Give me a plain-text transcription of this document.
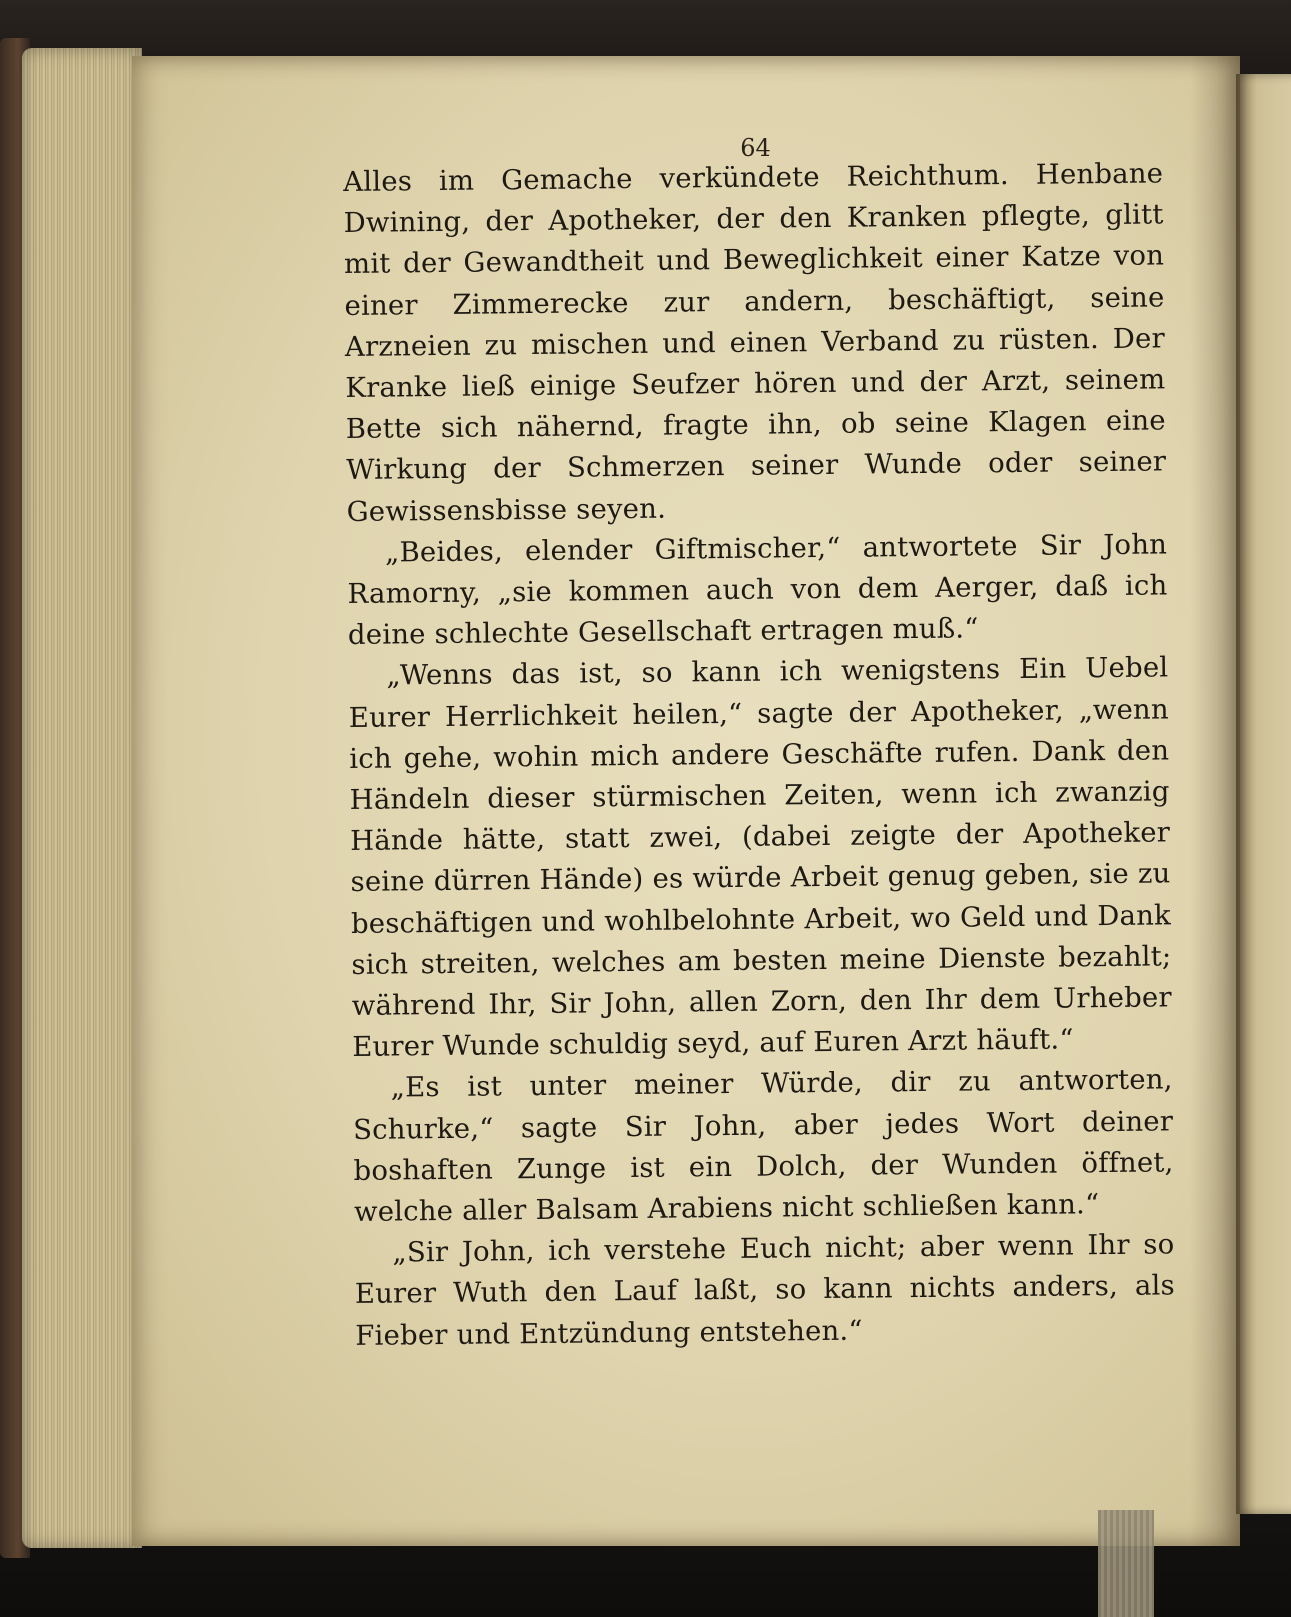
64

Alles im Gemache verkündete Reichthum. Henbane Dwining, der Apotheker, der den Kranken pflegte, glitt mit der Gewandtheit und Beweglichkeit einer Katze von einer Zimmerecke zur andern, beschäftigt, seine Arzneien zu mischen und einen Verband zu rüsten. Der Kranke ließ einige Seufzer hören und der Arzt, seinem Bette sich nähernd, fragte ihn, ob seine Klagen eine Wirkung der Schmerzen seiner Wunde oder seiner Gewissensbisse seyen.

„Beides, elender Giftmischer,“ antwortete Sir John Ramorny, „sie kommen auch von dem Aerger, daß ich deine schlechte Gesellschaft ertragen muß.“

„Wenns das ist, so kann ich wenigstens Ein Uebel Eurer Herrlichkeit heilen,“ sagte der Apotheker, „wenn ich gehe, wohin mich andere Geschäfte rufen. Dank den Händeln dieser stürmischen Zeiten, wenn ich zwanzig Hände hätte, statt zwei, (dabei zeigte der Apotheker seine dürren Hände) es würde Arbeit genug geben, sie zu beschäftigen und wohlbelohnte Arbeit, wo Geld und Dank sich streiten, welches am besten meine Dienste bezahlt; während Ihr, Sir John, allen Zorn, den Ihr dem Urheber Eurer Wunde schuldig seyd, auf Euren Arzt häuft.“

„Es ist unter meiner Würde, dir zu antworten, Schurke,“ sagte Sir John, aber jedes Wort deiner boshaften Zunge ist ein Dolch, der Wunden öffnet, welche aller Balsam Arabiens nicht schließen kann.“

„Sir John, ich verstehe Euch nicht; aber wenn Ihr so Eurer Wuth den Lauf laßt, so kann nichts anders, als Fieber und Entzündung entstehen.“
